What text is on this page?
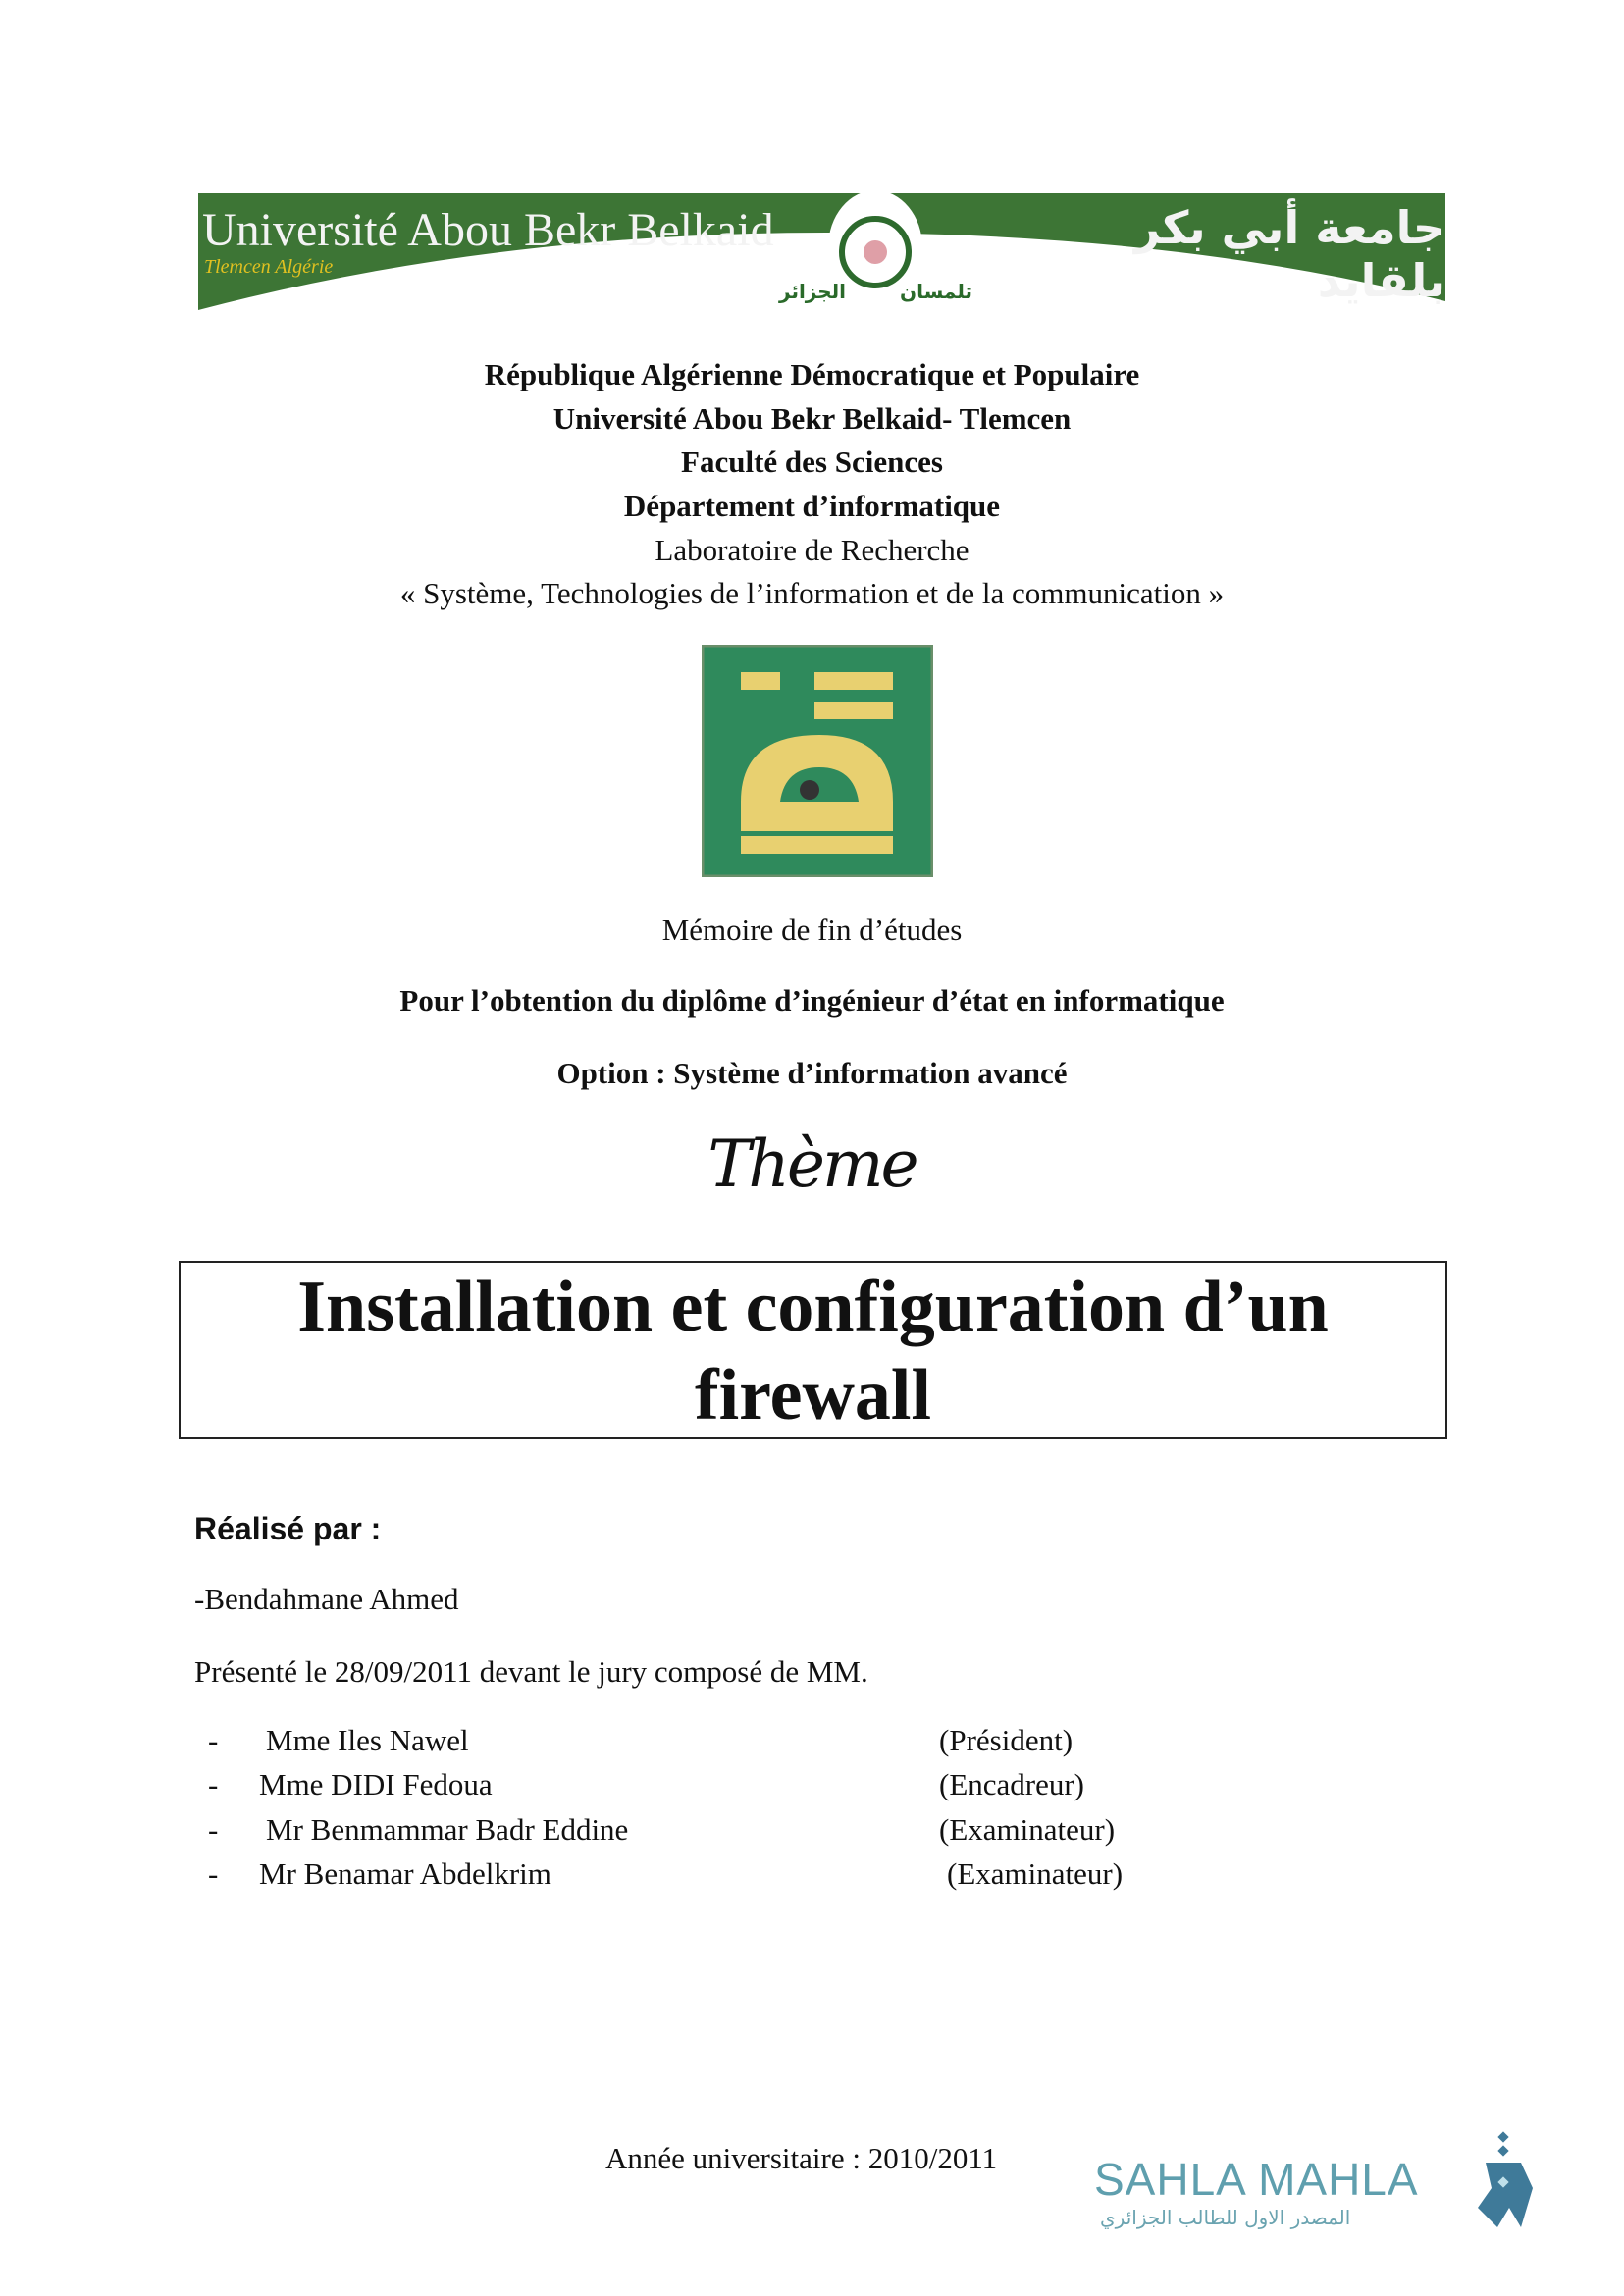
Université Abou Bekr Belkaid
Tlemcen Algérie
جامعة أبي بكر بلقايد
تلمسان
الجزائر
République Algérienne Démocratique et Populaire
Université Abou Bekr Belkaid- Tlemcen
Faculté des Sciences
Département d’informatique
Laboratoire de Recherche
« Système, Technologies de l’information et de la communication »
Mémoire de fin d’études
Pour l’obtention du diplôme d’ingénieur d’état en informatique
Option : Système d’information avancé
Thème
Installation et configuration d’un
firewall
Réalisé par :
-Bendahmane Ahmed
Présenté le 28/09/2011 devant le jury composé de MM.
- Mme Iles Nawel	(Président)
- Mme DIDI Fedoua	(Encadreur)
- Mr Benmammar Badr Eddine	(Examinateur)
- Mr Benamar Abdelkrim	(Examinateur)
Année universitaire : 2010/2011 SAHLA MAHLA
المصدر الاول للطالب الجزائري
